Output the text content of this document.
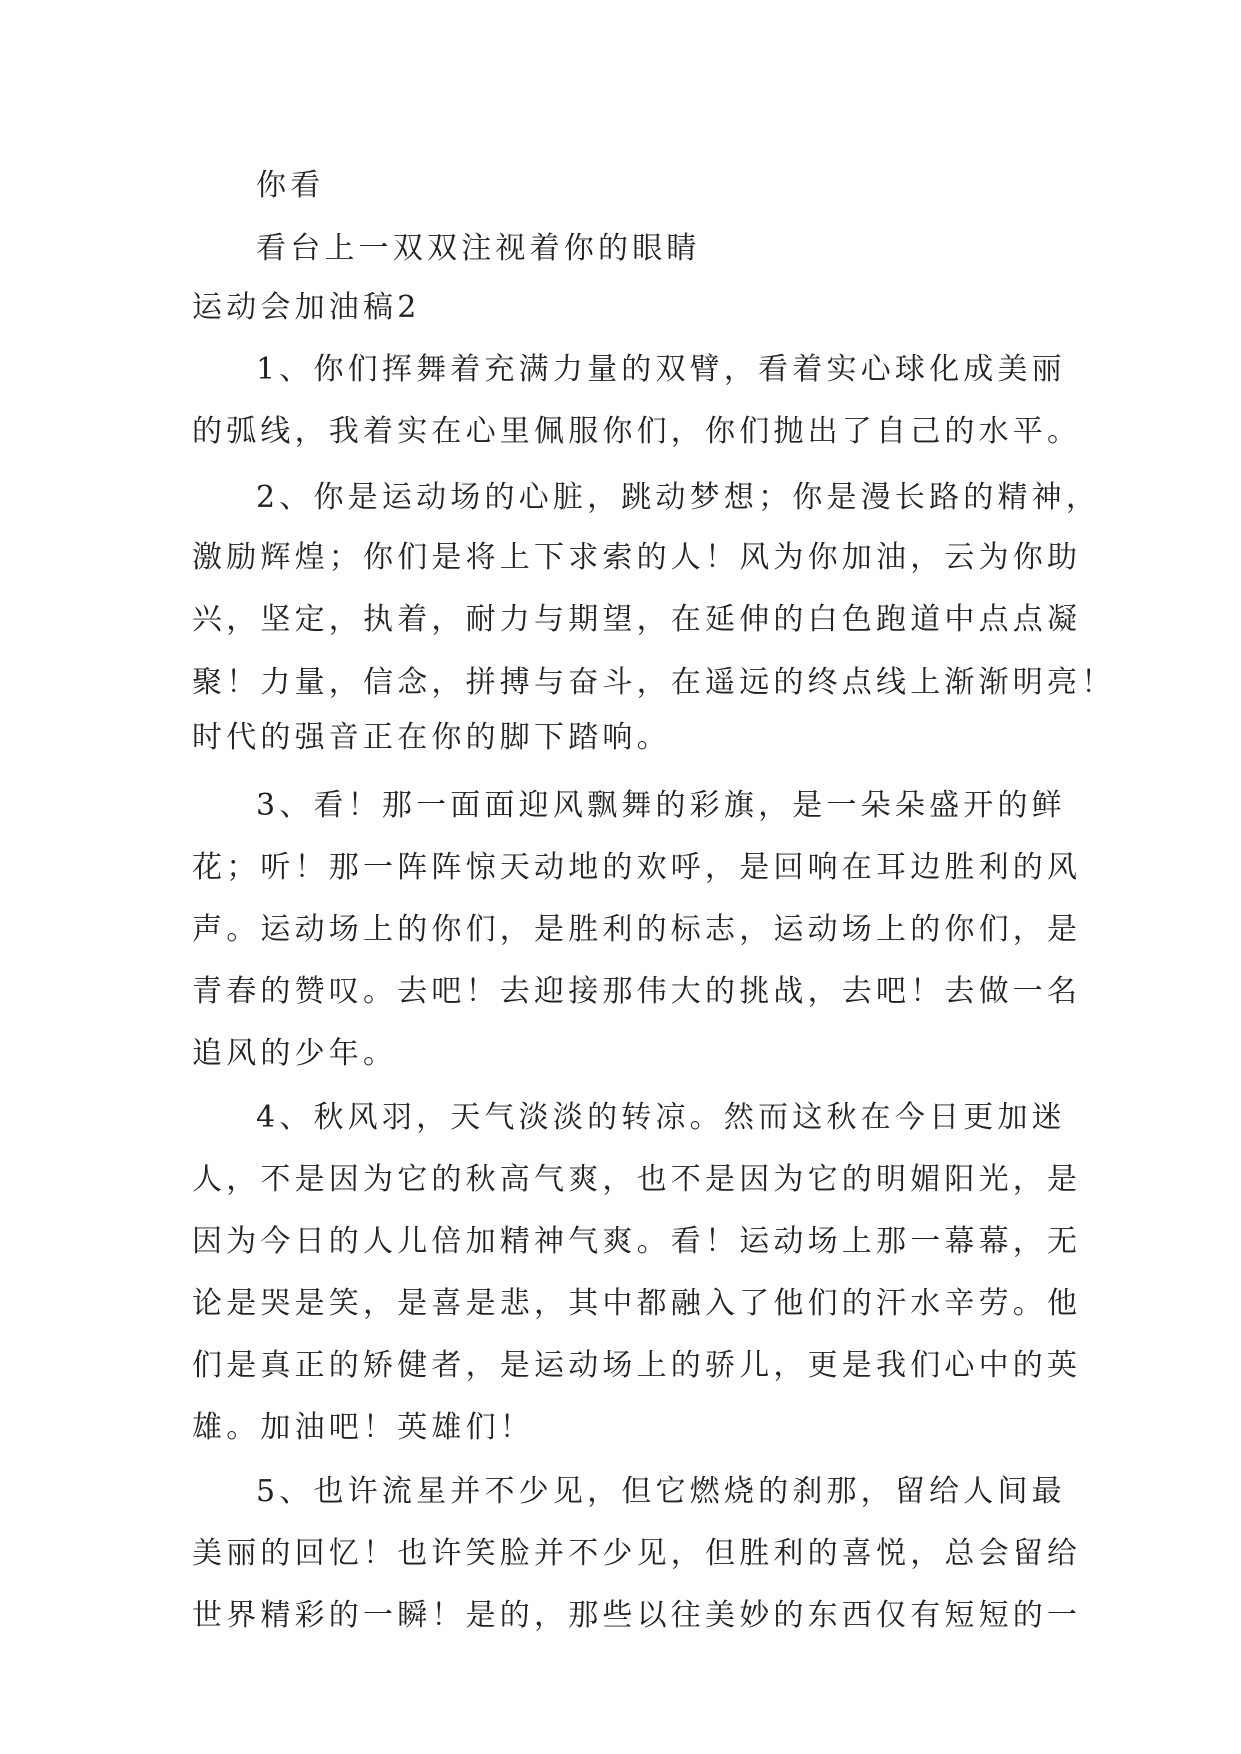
你看
看台上一双双注视着你的眼睛
运动会加油稿2
1、你们挥舞着充满力量的双臂，看着实心球化成美丽
的弧线，我着实在心里佩服你们，你们抛出了自己的水平。
2、你是运动场的心脏，跳动梦想；你是漫长路的精神，
激励辉煌；你们是将上下求索的人！风为你加油，云为你助
兴，坚定，执着，耐力与期望，在延伸的白色跑道中点点凝
聚！力量，信念，拼搏与奋斗，在遥远的终点线上渐渐明亮！
时代的强音正在你的脚下踏响。
3、看！那一面面迎风飘舞的彩旗，是一朵朵盛开的鲜
花；听！那一阵阵惊天动地的欢呼，是回响在耳边胜利的风
声。运动场上的你们，是胜利的标志，运动场上的你们，是
青春的赞叹。去吧！去迎接那伟大的挑战，去吧！去做一名
追风的少年。
4、秋风羽，天气淡淡的转凉。然而这秋在今日更加迷
人，不是因为它的秋高气爽，也不是因为它的明媚阳光，是
因为今日的人儿倍加精神气爽。看！运动场上那一幕幕，无
论是哭是笑，是喜是悲，其中都融入了他们的汗水辛劳。他
们是真正的矫健者，是运动场上的骄儿，更是我们心中的英
雄。加油吧！英雄们！
5、也许流星并不少见，但它燃烧的刹那，留给人间最
美丽的回忆！也许笑脸并不少见，但胜利的喜悦，总会留给
世界精彩的一瞬！是的，那些以往美妙的东西仅有短短的一
